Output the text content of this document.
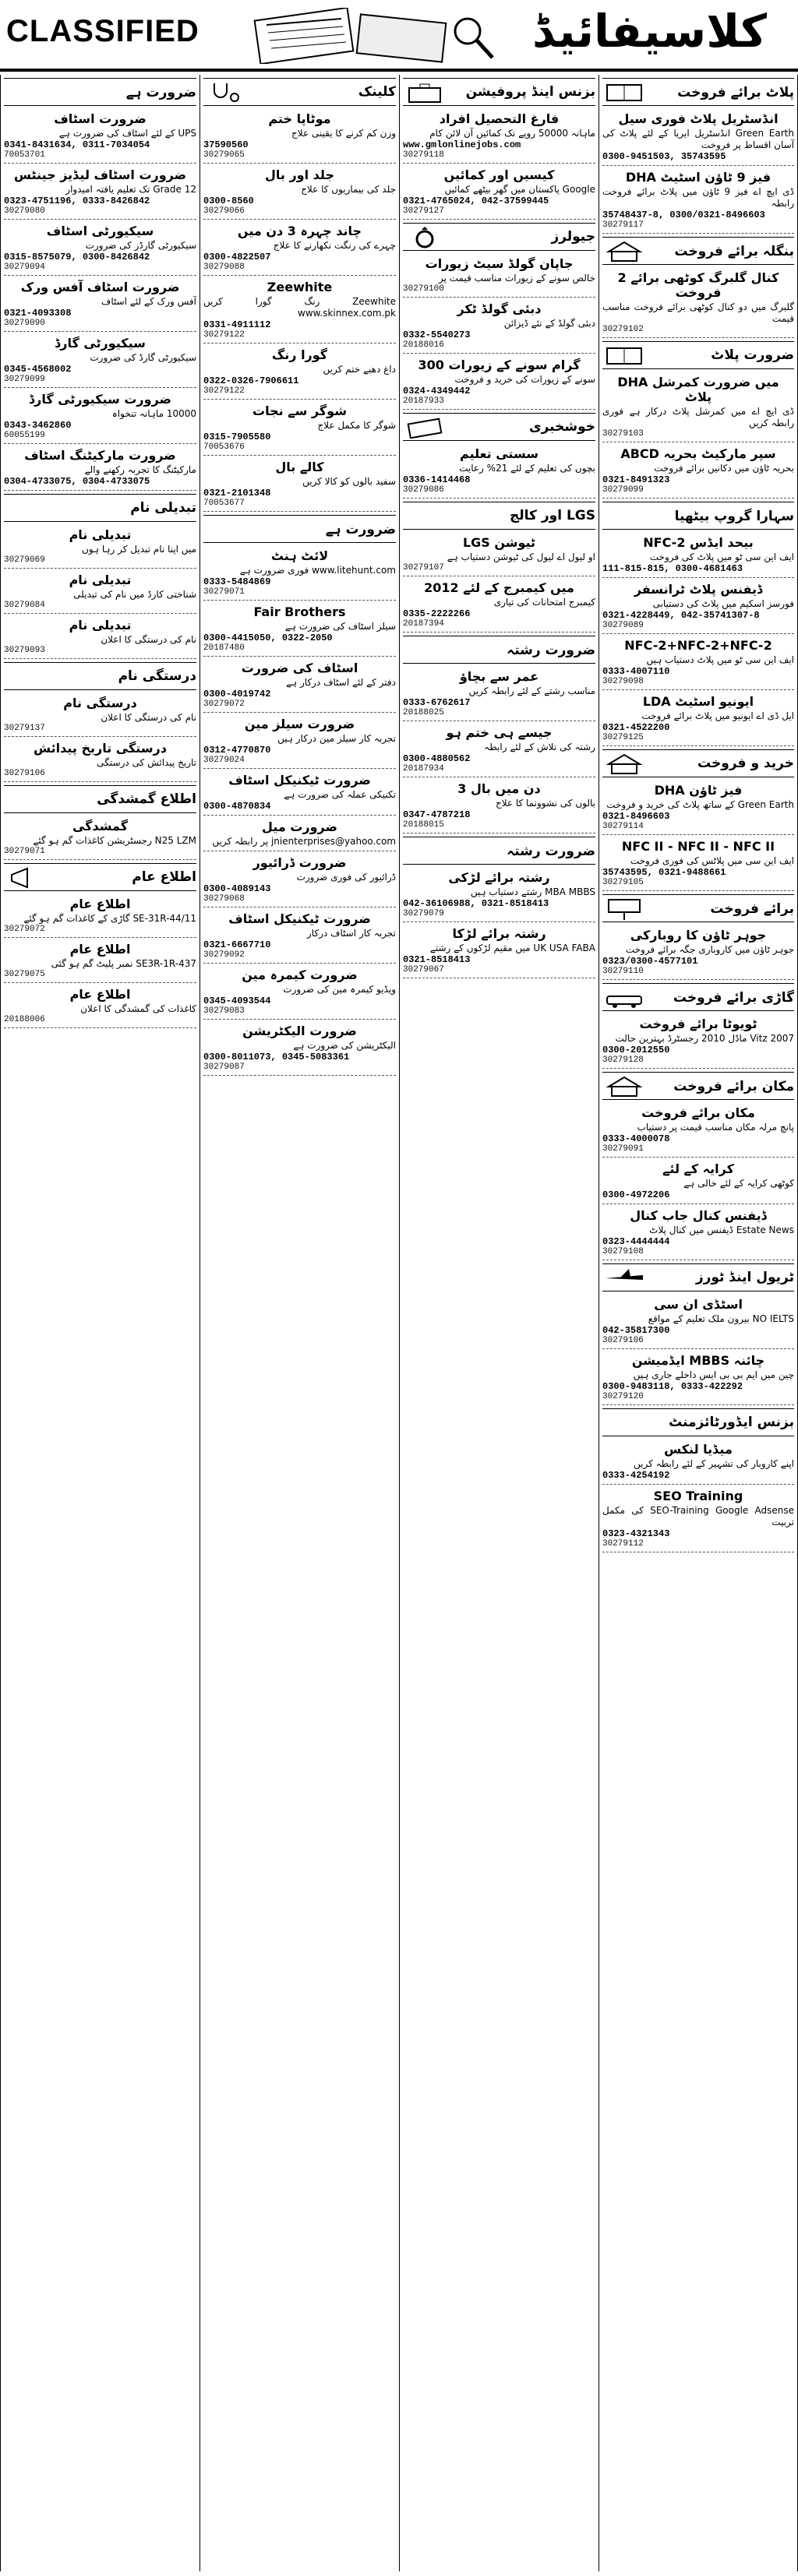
CLASSIFIED	کلاسیفائیڈ
ضرورت ہے
ضرورت اسٹاف
UPS کے لئے اسٹاف کی ضرورت ہے
0341-8431634, 0311-7034054
70053701
ضرورت اسٹاف لیڈیز جینٹس
Grade 12 تک تعلیم یافتہ امیدوار
0323-4751196, 0333-8426842
30279080
سیکیورٹی اسٹاف
سیکیورٹی گارڈز کی ضرورت
0315-8575079, 0300-8426842
30279094
ضرورت اسٹاف آفس ورک
آفس ورک کے لئے اسٹاف
0321-4093308
30279090
سیکیورٹی گارڈ
سیکیورٹی گارڈ کی ضرورت
0345-4568002
30279099
ضرورت سیکیورٹی گارڈ
10000 ماہانہ تنخواہ
0343-3462860
60055199
ضرورت مارکیٹنگ اسٹاف
مارکیٹنگ کا تجربہ رکھنے والے
0304-4733075, 0304-4733075
تبدیلی نام
تبدیلی نام
میں اپنا نام تبدیل کر رہا ہوں
30279069
تبدیلی نام
شناختی کارڈ میں نام کی تبدیلی
30279084
تبدیلی نام
نام کی درستگی کا اعلان
30279093
درستگی نام
درستگی نام
نام کی درستگی کا اعلان
30279137
درستگی تاریخ پیدائش
تاریخ پیدائش کی درستگی
30279106
اطلاع گمشدگی
گمشدگی
N25 LZM رجسٹریشن کاغذات گم ہو گئے
30279071
اطلاع عام
اطلاع عام
SE-31R-44/11 گاڑی کے کاغذات گم ہو گئے
30279072
اطلاع عام
SE3R-1R-437 نمبر پلیٹ گم ہو گئی
30279075
اطلاع عام
کاغذات کی گمشدگی کا اعلان
20188006
کلینک
موٹاپا ختم
وزن کم کرنے کا یقینی علاج
37590560
30279065
جلد اور بال
جلد کی بیماریوں کا علاج
0300-8560
30279066
چاند چہرہ 3 دن میں
چہرے کی رنگت نکھارنے کا علاج
0300-4822507
30279088
Zeewhite
Zeewhite رنگ گورا کریں www.skinnex.com.pk
0331-4911112
30279122
گورا رنگ
داغ دھبے ختم کریں
0322-0326-7906611
30279122
شوگر سے نجات
شوگر کا مکمل علاج
0315-7905580
70053676
کالے بال
سفید بالوں کو کالا کریں
0321-2101348
70053677
ضرورت ہے
لائٹ ہنٹ
www.litehunt.com فوری ضرورت ہے
0333-5484869
30279071
Fair Brothers
سیلز اسٹاف کی ضرورت ہے
0300-4415050, 0322-2050
20187480
اسٹاف کی ضرورت
دفتر کے لئے اسٹاف درکار ہے
0300-4019742
30279072
ضرورت سیلز مین
تجربہ کار سیلز مین درکار ہیں
0312-4770870
30279024
ضرورت ٹیکنیکل اسٹاف
تکنیکی عملہ کی ضرورت ہے
0300-4870834
ضرورت میل
jnienterprises@yahoo.com پر رابطہ کریں
ضرورت ڈرائیور
ڈرائیور کی فوری ضرورت
0300-4089143
30279068
ضرورت ٹیکنیکل اسٹاف
تجربہ کار اسٹاف درکار
0321-6667710
30279092
ضرورت کیمرہ مین
ویڈیو کیمرہ مین کی ضرورت
0345-4093544
30279083
ضرورت الیکٹریشن
الیکٹریشن کی ضرورت ہے
0300-8011073, 0345-5083361
30279087
بزنس اینڈ پروفیشن
فارغ التحصیل افراد
ماہانہ 50000 روپے تک کمائیں آن لائن کام
www.gmlonlinejobs.com
30279118
کیسیں اور کمائیں
Google پاکستان میں گھر بیٹھے کمائیں
0321-4765024, 042-37599445
30279127
جیولرز
جاپان گولڈ سیٹ زیورات
خالص سونے کے زیورات مناسب قیمت پر
30279100
دبئی گولڈ ٹکر
دبئی گولڈ کے نئے ڈیزائن
0332-5540273
20188016
300 گرام سونے کے زیورات
سونے کے زیورات کی خرید و فروخت
0324-4349442
20187933
خوشخبری
سستی تعلیم
بچوں کی تعلیم کے لئے 21% رعایت
0336-1414468
30279086
LGS اور کالج
LGS ٹیوشن
او لیول اے لیول کی ٹیوشن دستیاب ہے
30279107
2012 میں کیمبرج کے لئے
کیمبرج امتحانات کی تیاری
0335-2222266
20187394
ضرورت رشتہ
عمر سے بچاؤ
مناسب رشتے کے لئے رابطہ کریں
0333-6762617
20188025
جیسے ہی ختم ہو
رشتہ کی تلاش کے لئے رابطہ
0300-4880562
20187934
3 دن میں بال
بالوں کی نشوونما کا علاج
0347-4787218
20188015
ضرورت رشتہ
رشتہ برائے لڑکی
MBA MBBS رشتے دستیاب ہیں
042-36106988, 0321-8518413
30279079
رشتہ برائے لڑکا
UK USA FABA میں مقیم لڑکوں کے رشتے
0321-8518413
30279067
پلاٹ برائے فروخت
انڈسٹریل پلاٹ فوری سیل
Green Earth انڈسٹریل ایریا کے لئے پلاٹ کی آسان اقساط پر فروخت
0300-9451503, 35743595
DHA فیز 9 ٹاؤن اسٹیٹ
ڈی ایچ اے فیز 9 ٹاؤن میں پلاٹ برائے فروخت رابطہ
35748437-8, 0300/0321-8496603
30279117
بنگلہ برائے فروخت
2 کنال گلبرگ کوٹھی برائے فروخت
گلبرگ میں دو کنال کوٹھی برائے فروخت مناسب قیمت
30279102
ضرورت پلاٹ
DHA میں ضرورت کمرشل پلاٹ
ڈی ایچ اے میں کمرشل پلاٹ درکار ہے فوری رابطہ کریں
30279103
ABCD سپر مارکیٹ بحریہ
بحریہ ٹاؤن میں دکانیں برائے فروخت
0321-8491323
30279099
سہارا گروپ بیٹھیا
NFC-2 بیحد ایڈس
ایف این سی ٹو میں پلاٹ کی فروخت
111-815-815, 0300-4681463
ڈیفنس پلاٹ ٹرانسفر
فورسز اسکیم میں پلاٹ کی دستیابی
0321-4228449, 042-35741307-8
30279089
NFC-2+NFC-2+NFC-2
ایف این سی ٹو میں پلاٹ دستیاب ہیں
0333-4007110
30279098
LDA ایونیو اسٹیٹ
ایل ڈی اے ایونیو میں پلاٹ برائے فروخت
0321-4522200
30279125
خرید و فروخت
DHA فیز ٹاؤن
Green Earth کے ساتھ پلاٹ کی خرید و فروخت
0321-8496603
30279114
NFC II - NFC II - NFC II
ایف این سی میں پلاٹس کی فوری فروخت
35743595, 0321-9488661
30279105
برائے فروخت
جوہر ٹاؤن کا روبارکی
جوہر ٹاؤن میں کاروباری جگہ برائے فروخت
0323/0300-4577101
30279110
گاڑی برائے فروخت
ٹویوٹا برائے فروخت
Vitz 2007 ماڈل 2010 رجسٹرڈ بہترین حالت
0300-2012550
30279128
مکان برائے فروخت
مکان برائے فروخت
پانچ مرلہ مکان مناسب قیمت پر دستیاب
0333-4000078
30279091
کرایہ کے لئے
کوٹھی کرایہ کے لئے خالی ہے
0300-4972206
ڈیفنس کنال جاب کنال
Estate News ڈیفنس میں کنال پلاٹ
0323-4444444
30279108
ٹریول اینڈ ٹورز
اسٹڈی ان سی
NO IELTS بیرون ملک تعلیم کے مواقع
042-35817300
30279106
چائنہ MBBS ایڈمیشن
چین میں ایم بی بی ایس داخلے جاری ہیں
0300-9483118, 0333-422292
30279120
بزنس ایڈورٹائزمنٹ
میڈیا لنکس
اپنے کاروبار کی تشہیر کے لئے رابطہ کریں
0333-4254192
SEO Training
SEO-Training Google Adsense کی مکمل تربیت
0323-4321343
30279112
